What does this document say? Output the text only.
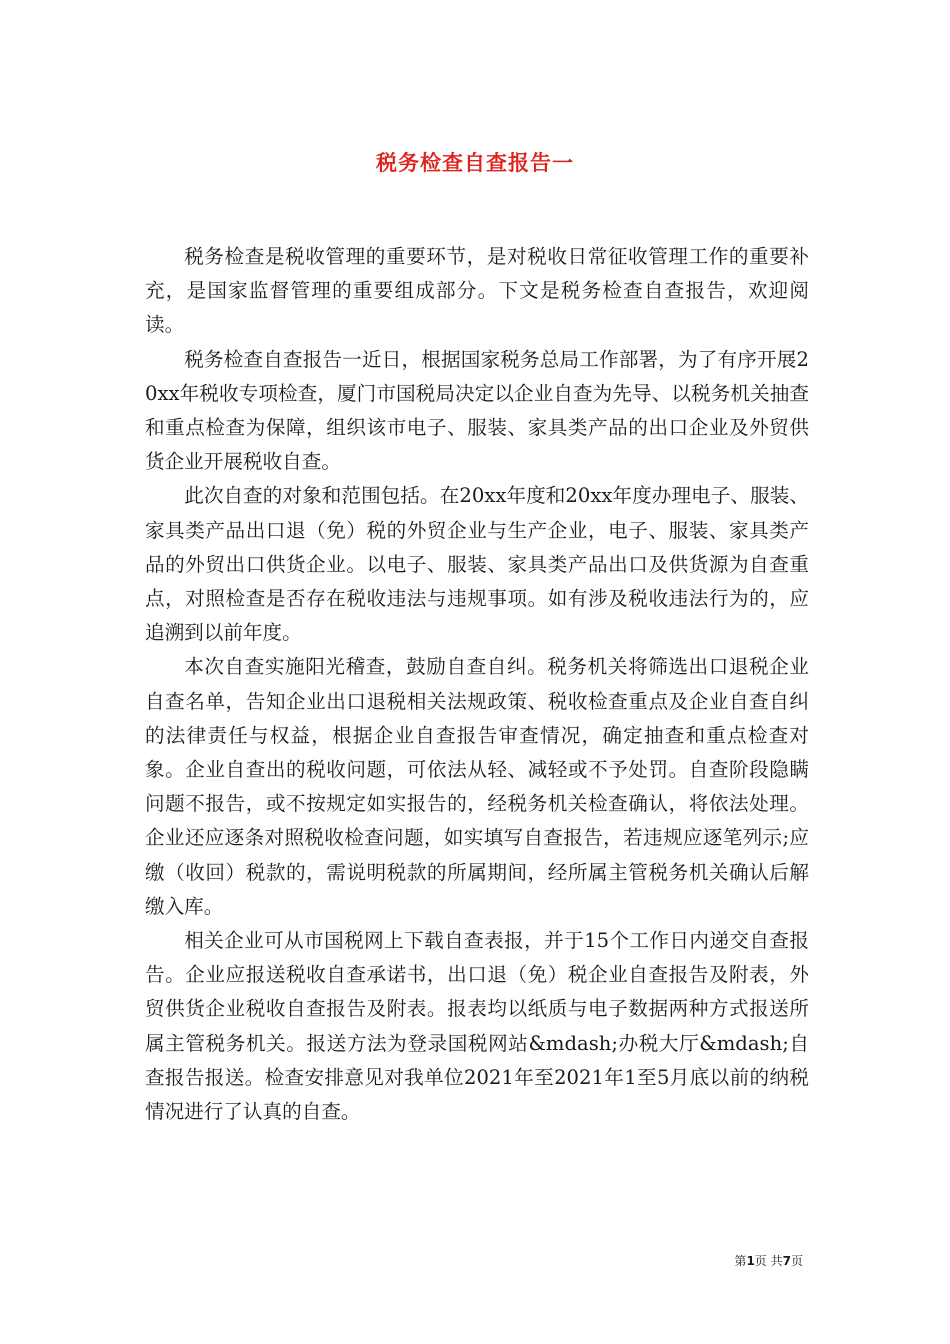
税务检查自查报告一

税务检查是税收管理的重要环节，是对税收日常征收管理工作的重要补充，是国家监督管理的重要组成部分。下文是税务检查自查报告，欢迎阅读。

税务检查自查报告一近日，根据国家税务总局工作部署，为了有序开展20xx年税收专项检查，厦门市国税局决定以企业自查为先导、以税务机关抽查和重点检查为保障，组织该市电子、服装、家具类产品的出口企业及外贸供货企业开展税收自查。

此次自查的对象和范围包括。在20xx年度和20xx年度办理电子、服装、家具类产品出口退（免）税的外贸企业与生产企业，电子、服装、家具类产品的外贸出口供货企业。以电子、服装、家具类产品出口及供货源为自查重点，对照检查是否存在税收违法与违规事项。如有涉及税收违法行为的，应追溯到以前年度。

本次自查实施阳光稽查，鼓励自查自纠。税务机关将筛选出口退税企业自查名单，告知企业出口退税相关法规政策、税收检查重点及企业自查自纠的法律责任与权益，根据企业自查报告审查情况，确定抽查和重点检查对象。企业自查出的税收问题，可依法从轻、减轻或不予处罚。自查阶段隐瞒问题不报告，或不按规定如实报告的，经税务机关检查确认，将依法处理。企业还应逐条对照税收检查问题，如实填写自查报告，若违规应逐笔列示;应缴（收回）税款的，需说明税款的所属期间，经所属主管税务机关确认后解缴入库。

相关企业可从市国税网上下载自查表报，并于15个工作日内递交自查报告。企业应报送税收自查承诺书，出口退（免）税企业自查报告及附表，外贸供货企业税收自查报告及附表。报表均以纸质与电子数据两种方式报送所属主管税务机关。报送方法为登录国税网站&mdash;办税大厅&mdash;自查报告报送。检查安排意见对我单位2021年至2021年1至5月底以前的纳税情况进行了认真的自查。

第1页 共7页
